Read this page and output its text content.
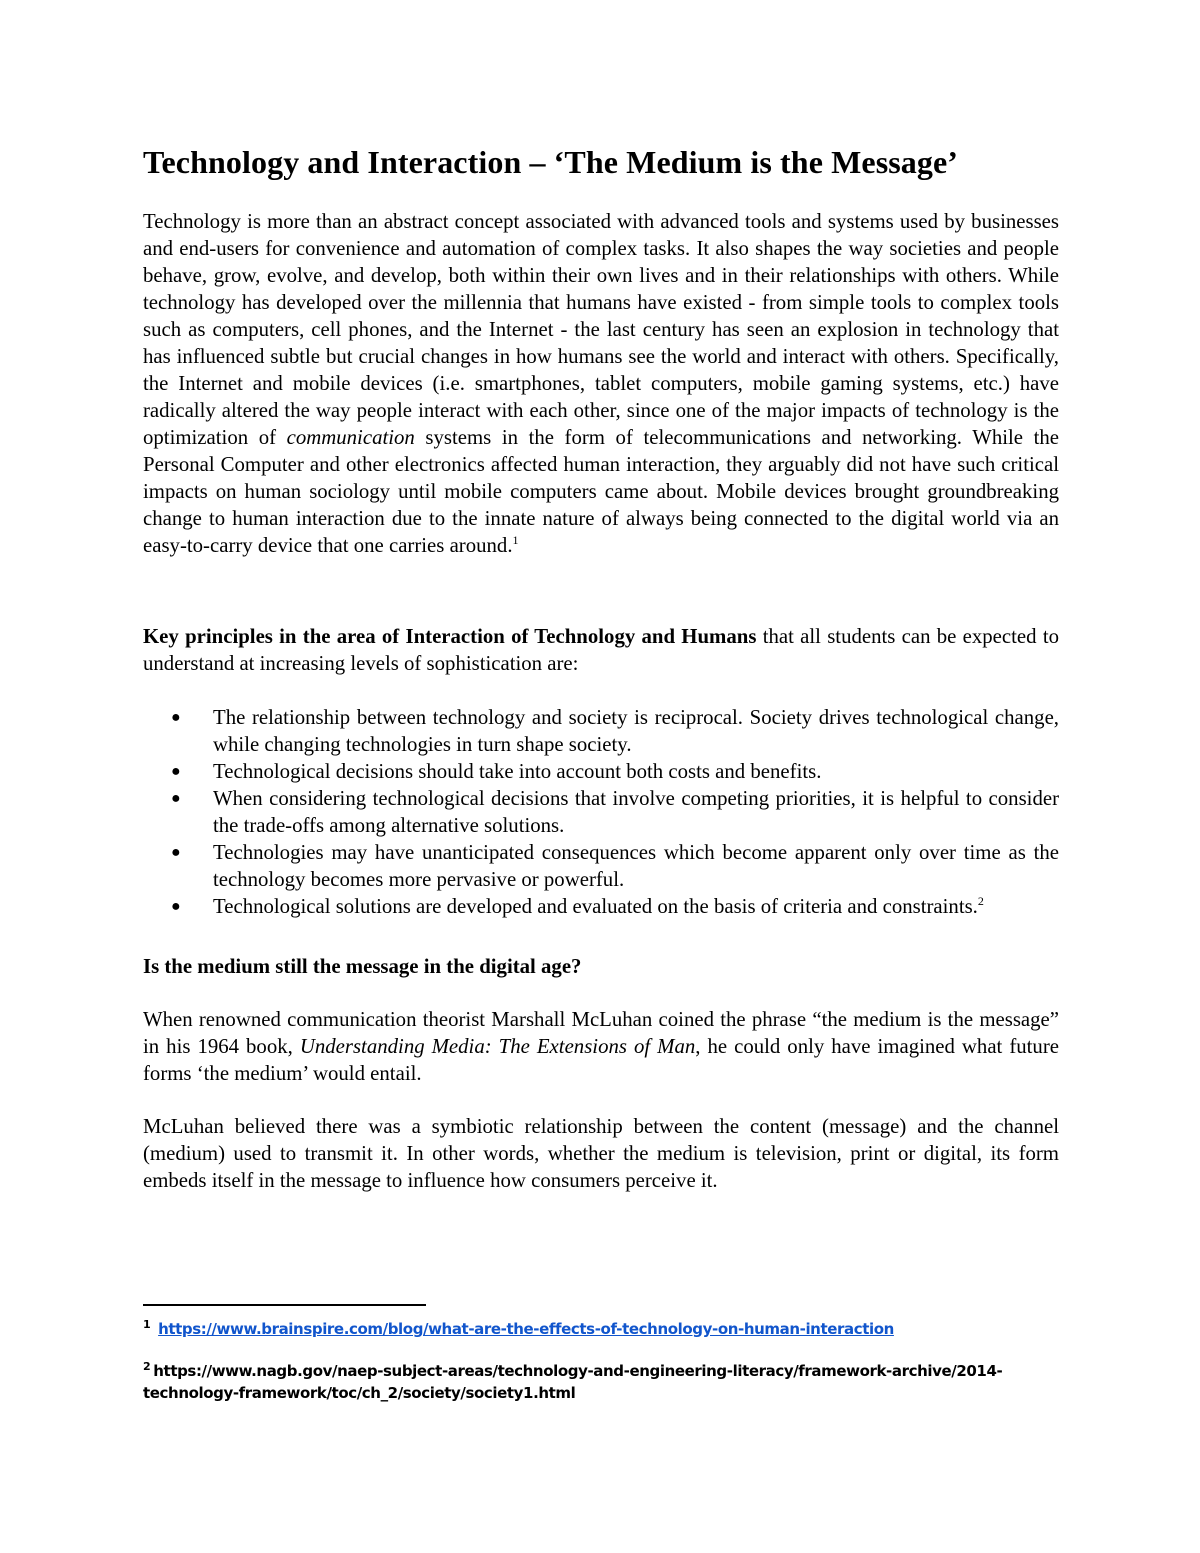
Technology and Interaction – ‘The Medium is the Message’

Technology is more than an abstract concept associated with advanced tools and systems used by businesses and end-users for convenience and automation of complex tasks. It also shapes the way societies and people behave, grow, evolve, and develop, both within their own lives and in their relationships with others. While technology has developed over the millennia that humans have existed - from simple tools to complex tools such as computers, cell phones, and the Internet - the last century has seen an explosion in technology that has influenced subtle but crucial changes in how humans see the world and interact with others. Specifically, the Internet and mobile devices (i.e. smartphones, tablet computers, mobile gaming systems, etc.) have radically altered the way people interact with each other, since one of the major impacts of technology is the optimization of communication systems in the form of telecommunications and networking. While the Personal Computer and other electronics affected human interaction, they arguably did not have such critical impacts on human sociology until mobile computers came about. Mobile devices brought groundbreaking change to human interaction due to the innate nature of always being connected to the digital world via an easy-to-carry device that one carries around.$^1$

Key principles in the area of Interaction of Technology and Humans that all students can be expected to understand at increasing levels of sophistication are:

● The relationship between technology and society is reciprocal. Society drives technological change, while changing technologies in turn shape society.
● Technological decisions should take into account both costs and benefits.
● When considering technological decisions that involve competing priorities, it is helpful to consider the trade-offs among alternative solutions.
● Technologies may have unanticipated consequences which become apparent only over time as the technology becomes more pervasive or powerful.
● Technological solutions are developed and evaluated on the basis of criteria and constraints.$^2$
Is the medium still the message in the digital age?

When renowned communication theorist Marshall McLuhan coined the phrase “the medium is the message” in his 1964 book, Understanding Media: The Extensions of Man, he could only have imagined what future forms ‘the medium’ would entail.

McLuhan believed there was a symbiotic relationship between the content (message) and the channel (medium) used to transmit it. In other words, whether the medium is television, print or digital, its form embeds itself in the message to influence how consumers perceive it.

$^1$ https://www.brainspire.com/blog/what-are-the-effects-of-technology-on-human-interaction
$^2$ https://www.nagb.gov/naep-subject-areas/technology-and-engineering-literacy/framework-archive/2014-technology-framework/toc/ch_2/society/society1.html
